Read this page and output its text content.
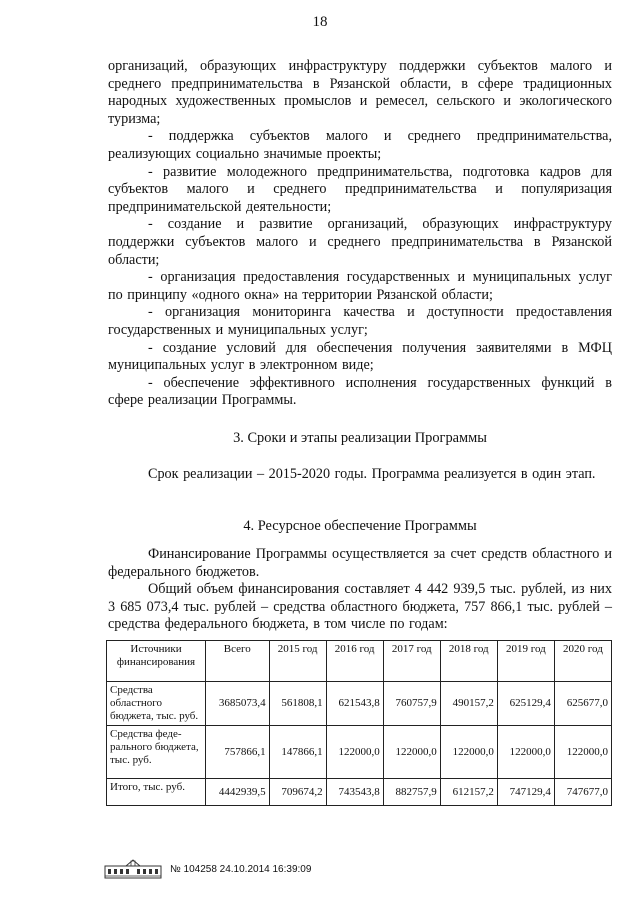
18

организаций, образующих инфраструктуру поддержки субъектов малого и среднего предпринимательства в Рязанской области, в сфере традиционных народных художественных промыслов и ремесел, сельского и экологического туризма;

- поддержка субъектов малого и среднего предпринимательства, реализующих социально значимые проекты;

- развитие молодежного предпринимательства, подготовка кадров для субъектов малого и среднего предпринимательства и популяризация предпринимательской деятельности;

- создание и развитие организаций, образующих инфраструктуру поддержки субъектов малого и среднего предпринимательства в Рязанской области;

- организация предоставления государственных и муниципальных услуг по принципу «одного окна» на территории Рязанской области;

- организация мониторинга качества и доступности предоставления государственных и муниципальных услуг;

- создание условий для обеспечения получения заявителями в МФЦ муниципальных услуг в электронном виде;

- обеспечение эффективного исполнения государственных функций в сфере реализации Программы.

3. Сроки и этапы реализации Программы

Срок реализации – 2015-2020 годы. Программа реализуется в один этап.

4. Ресурсное обеспечение Программы

Финансирование Программы осуществляется за счет средств областного и федерального бюджетов.

Общий объем финансирования составляет 4 442 939,5 тыс. рублей, из них 3 685 073,4 тыс. рублей – средства областного бюджета, 757 866,1 тыс. рублей – средства федерального бюджета, в том числе по годам:

Источники финансирования	Всего	2015 год	2016 год	2017 год	2018 год	2019 год	2020 год
Средства областного бюджета, тыс. руб.	3685073,4	561808,1	621543,8	760757,9	490157,2	625129,4	625677,0
Средства феде-рального бюджета, тыс. руб.	757866,1	147866,1	122000,0	122000,0	122000,0	122000,0	122000,0
Итого, тыс. руб.	4442939,5	709674,2	743543,8	882757,9	612157,2	747129,4	747677,0
№ 104258 24.10.2014 16:39:09
